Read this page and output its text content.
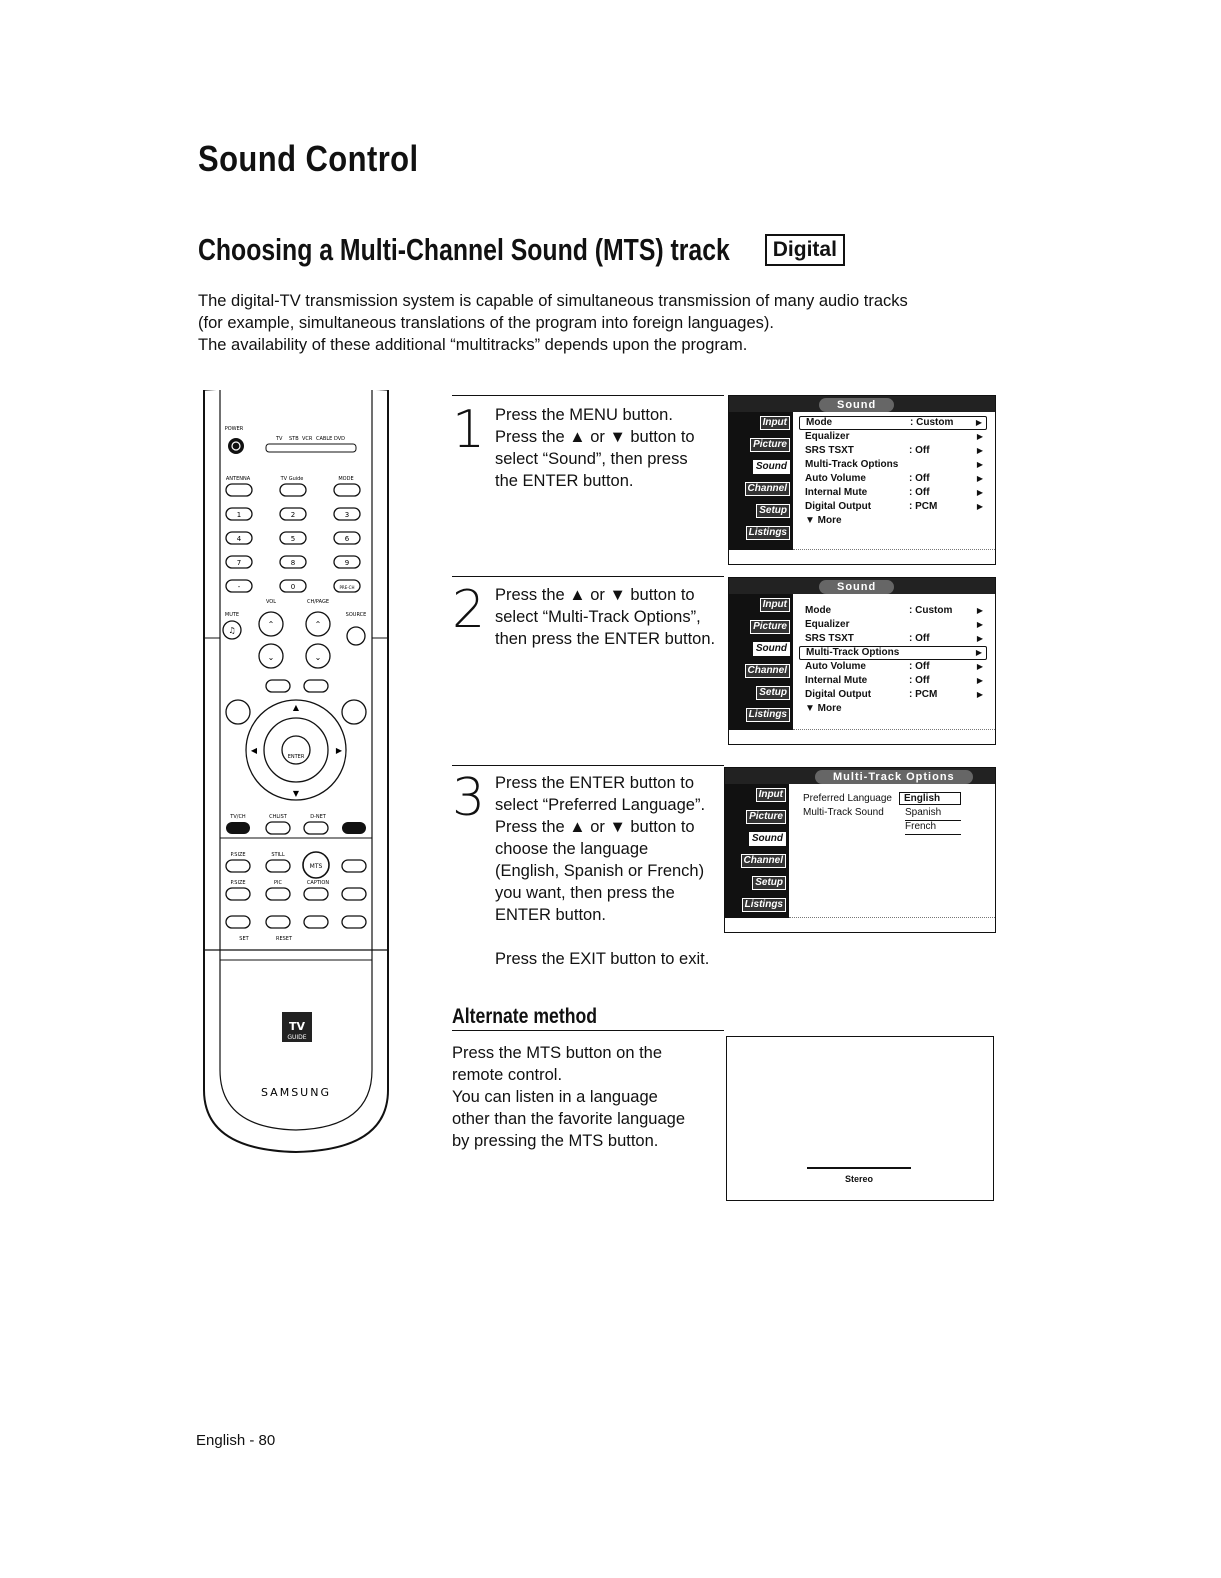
Sound Control
Choosing a Multi-Channel Sound (MTS) track	Digital
The digital-TV transmission system is capable of simultaneous transmission of many audio tracks
(for example, simultaneous translations of the program into foreign languages).
The availability of these additional “multitracks” depends upon the program.
POWER
TV STB VCR CABLE DVD
ANTENNA	TV Guide	MODE
1	2	3
4	5	6
7	8	9
-	0	PRE-CH
VOL	CH/PAGE
MUTE	SOURCE
⌃	⌃
⌄	⌄
♫
ENTER
▲
▼
◀	▶
TV/CH	CHLIST	D-NET
P.SIZE	STILL
MTS
P.SIZE	PIC	CAPTION
SET	RESET
TV
GUIDE
SAMSUNG
1 Press the MENU button.
Press the ▲ or ▼ button to
select “Sound”, then press
the ENTER button.
Sound
Input
Picture
Sound
Channel
Setup
Listings
Mode	: Custom	▶
Equalizer	▶
SRS TSXT	: Off	▶
Multi-Track Options	▶
Auto Volume	: Off	▶
Internal Mute	: Off	▶
Digital Output	: PCM	▶
▼ More
2 Press the ▲ or ▼ button to
select “Multi-Track Options”,
then press the ENTER button.
Sound
Input
Picture
Sound
Channel
Setup
Listings
Mode	: Custom	▶
Equalizer	▶
SRS TSXT	: Off	▶
Multi-Track Options	▶
Auto Volume	: Off	▶
Internal Mute	: Off	▶
Digital Output	: PCM	▶
▼ More
3 Press the ENTER button to
select “Preferred Language”.
Press the ▲ or ▼ button to
choose the language
(English, Spanish or French)
you want, then press the
ENTER button.
Multi-Track Options
Input
Picture
Sound
Channel
Setup
Listings
Preferred Language	English
Multi-Track Sound Spanish
French
Press the EXIT button to exit.
Alternate method
Press the MTS button on the
remote control.
You can listen in a language
other than the favorite language
by pressing the MTS button.
Stereo
English - 80
